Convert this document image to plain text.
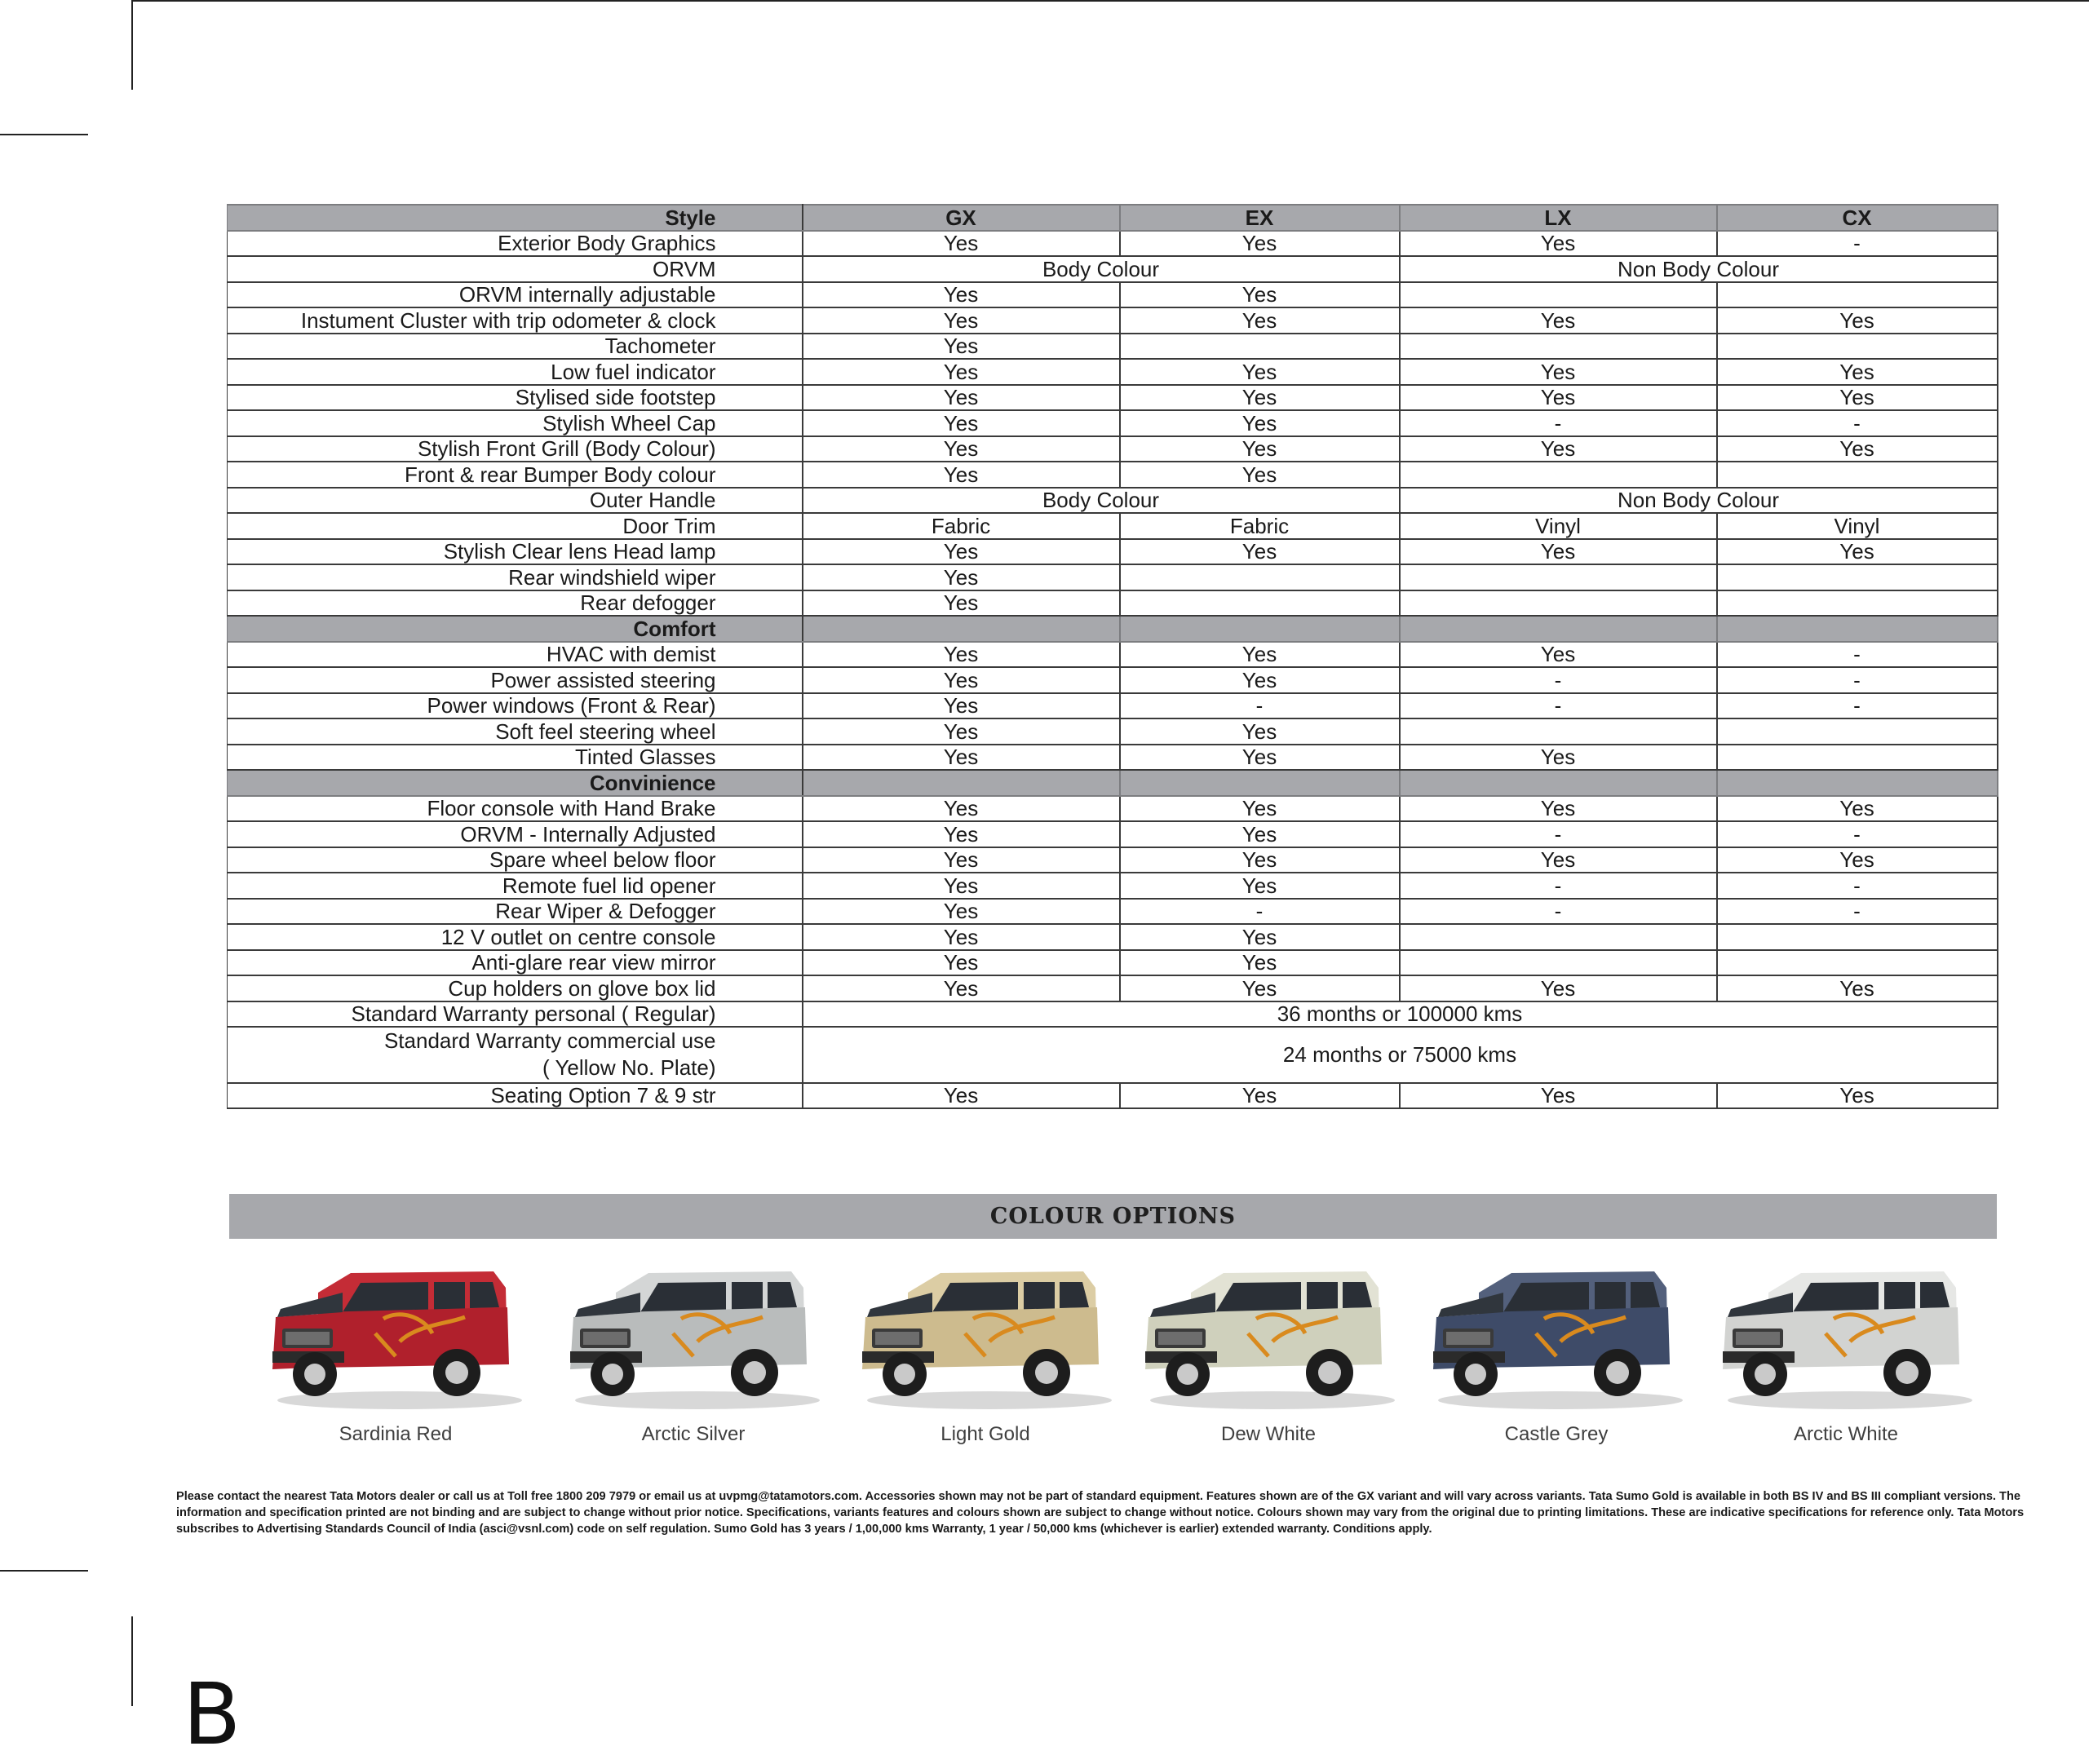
Style	GX	EX	LX	CX
Exterior Body Graphics	Yes	Yes	Yes	-
ORVM	Body Colour		Non Body Colour	
ORVM internally adjustable	Yes	Yes		
Instument Cluster with trip odometer & clock	Yes	Yes	Yes	Yes
Tachometer	Yes			
Low fuel indicator	Yes	Yes	Yes	Yes
Stylised side footstep	Yes	Yes	Yes	Yes
Stylish Wheel Cap	Yes	Yes	-	-
Stylish Front Grill (Body Colour)	Yes	Yes	Yes	Yes
Front & rear Bumper Body colour	Yes	Yes		
Outer Handle	Body Colour		Non Body Colour	
Door Trim	Fabric	Fabric	Vinyl	Vinyl
Stylish Clear lens Head lamp	Yes	Yes	Yes	Yes
Rear windshield wiper	Yes			
Rear defogger	Yes			
Comfort				
HVAC with demist	Yes	Yes	Yes	-
Power assisted steering	Yes	Yes	-	-
Power windows (Front & Rear)	Yes	-	-	-
Soft feel steering wheel	Yes	Yes		
Tinted Glasses	Yes	Yes	Yes	
Convinience				
Floor console with Hand Brake	Yes	Yes	Yes	Yes
ORVM - Internally Adjusted	Yes	Yes	-	-
Spare wheel below floor	Yes	Yes	Yes	Yes
Remote fuel lid opener	Yes	Yes	-	-
Rear Wiper & Defogger	Yes	-	-	-
12 V outlet on centre console	Yes	Yes		
Anti-glare rear view mirror	Yes	Yes		
Cup holders on glove box lid	Yes	Yes	Yes	Yes
Standard Warranty personal ( Regular)	36 months or 100000 kms			
Standard Warranty commercial use
( Yellow No. Plate)	24 months or 75000 kms			
Seating Option 7 & 9 str	Yes	Yes	Yes	Yes
COLOUR OPTIONS
Sardinia Red	Arctic Silver	Light Gold	Dew White	Castle Grey	Arctic White

Please contact the nearest Tata Motors dealer or call us at Toll free 1800 209 7979 or email us at uvpmg@tatamotors.com. Accessories shown may not be part of standard equipment. Features shown are of the GX variant and will vary across variants. Tata Sumo Gold is available in both BS IV and BS III compliant versions. The information and specification printed are not binding and are subject to change without prior notice. Specifications, variants features and colours shown are subject to change without notice. Colours shown may vary from the original due to printing limitations. These are indicative specifications for reference only. Tata Motors subscribes to Advertising Standards Council of India (asci@vsnl.com) code on self regulation. Sumo Gold has 3 years / 1,00,000 kms Warranty, 1 year / 50,000 kms (whichever is earlier) extended warranty. Conditions apply.

B
